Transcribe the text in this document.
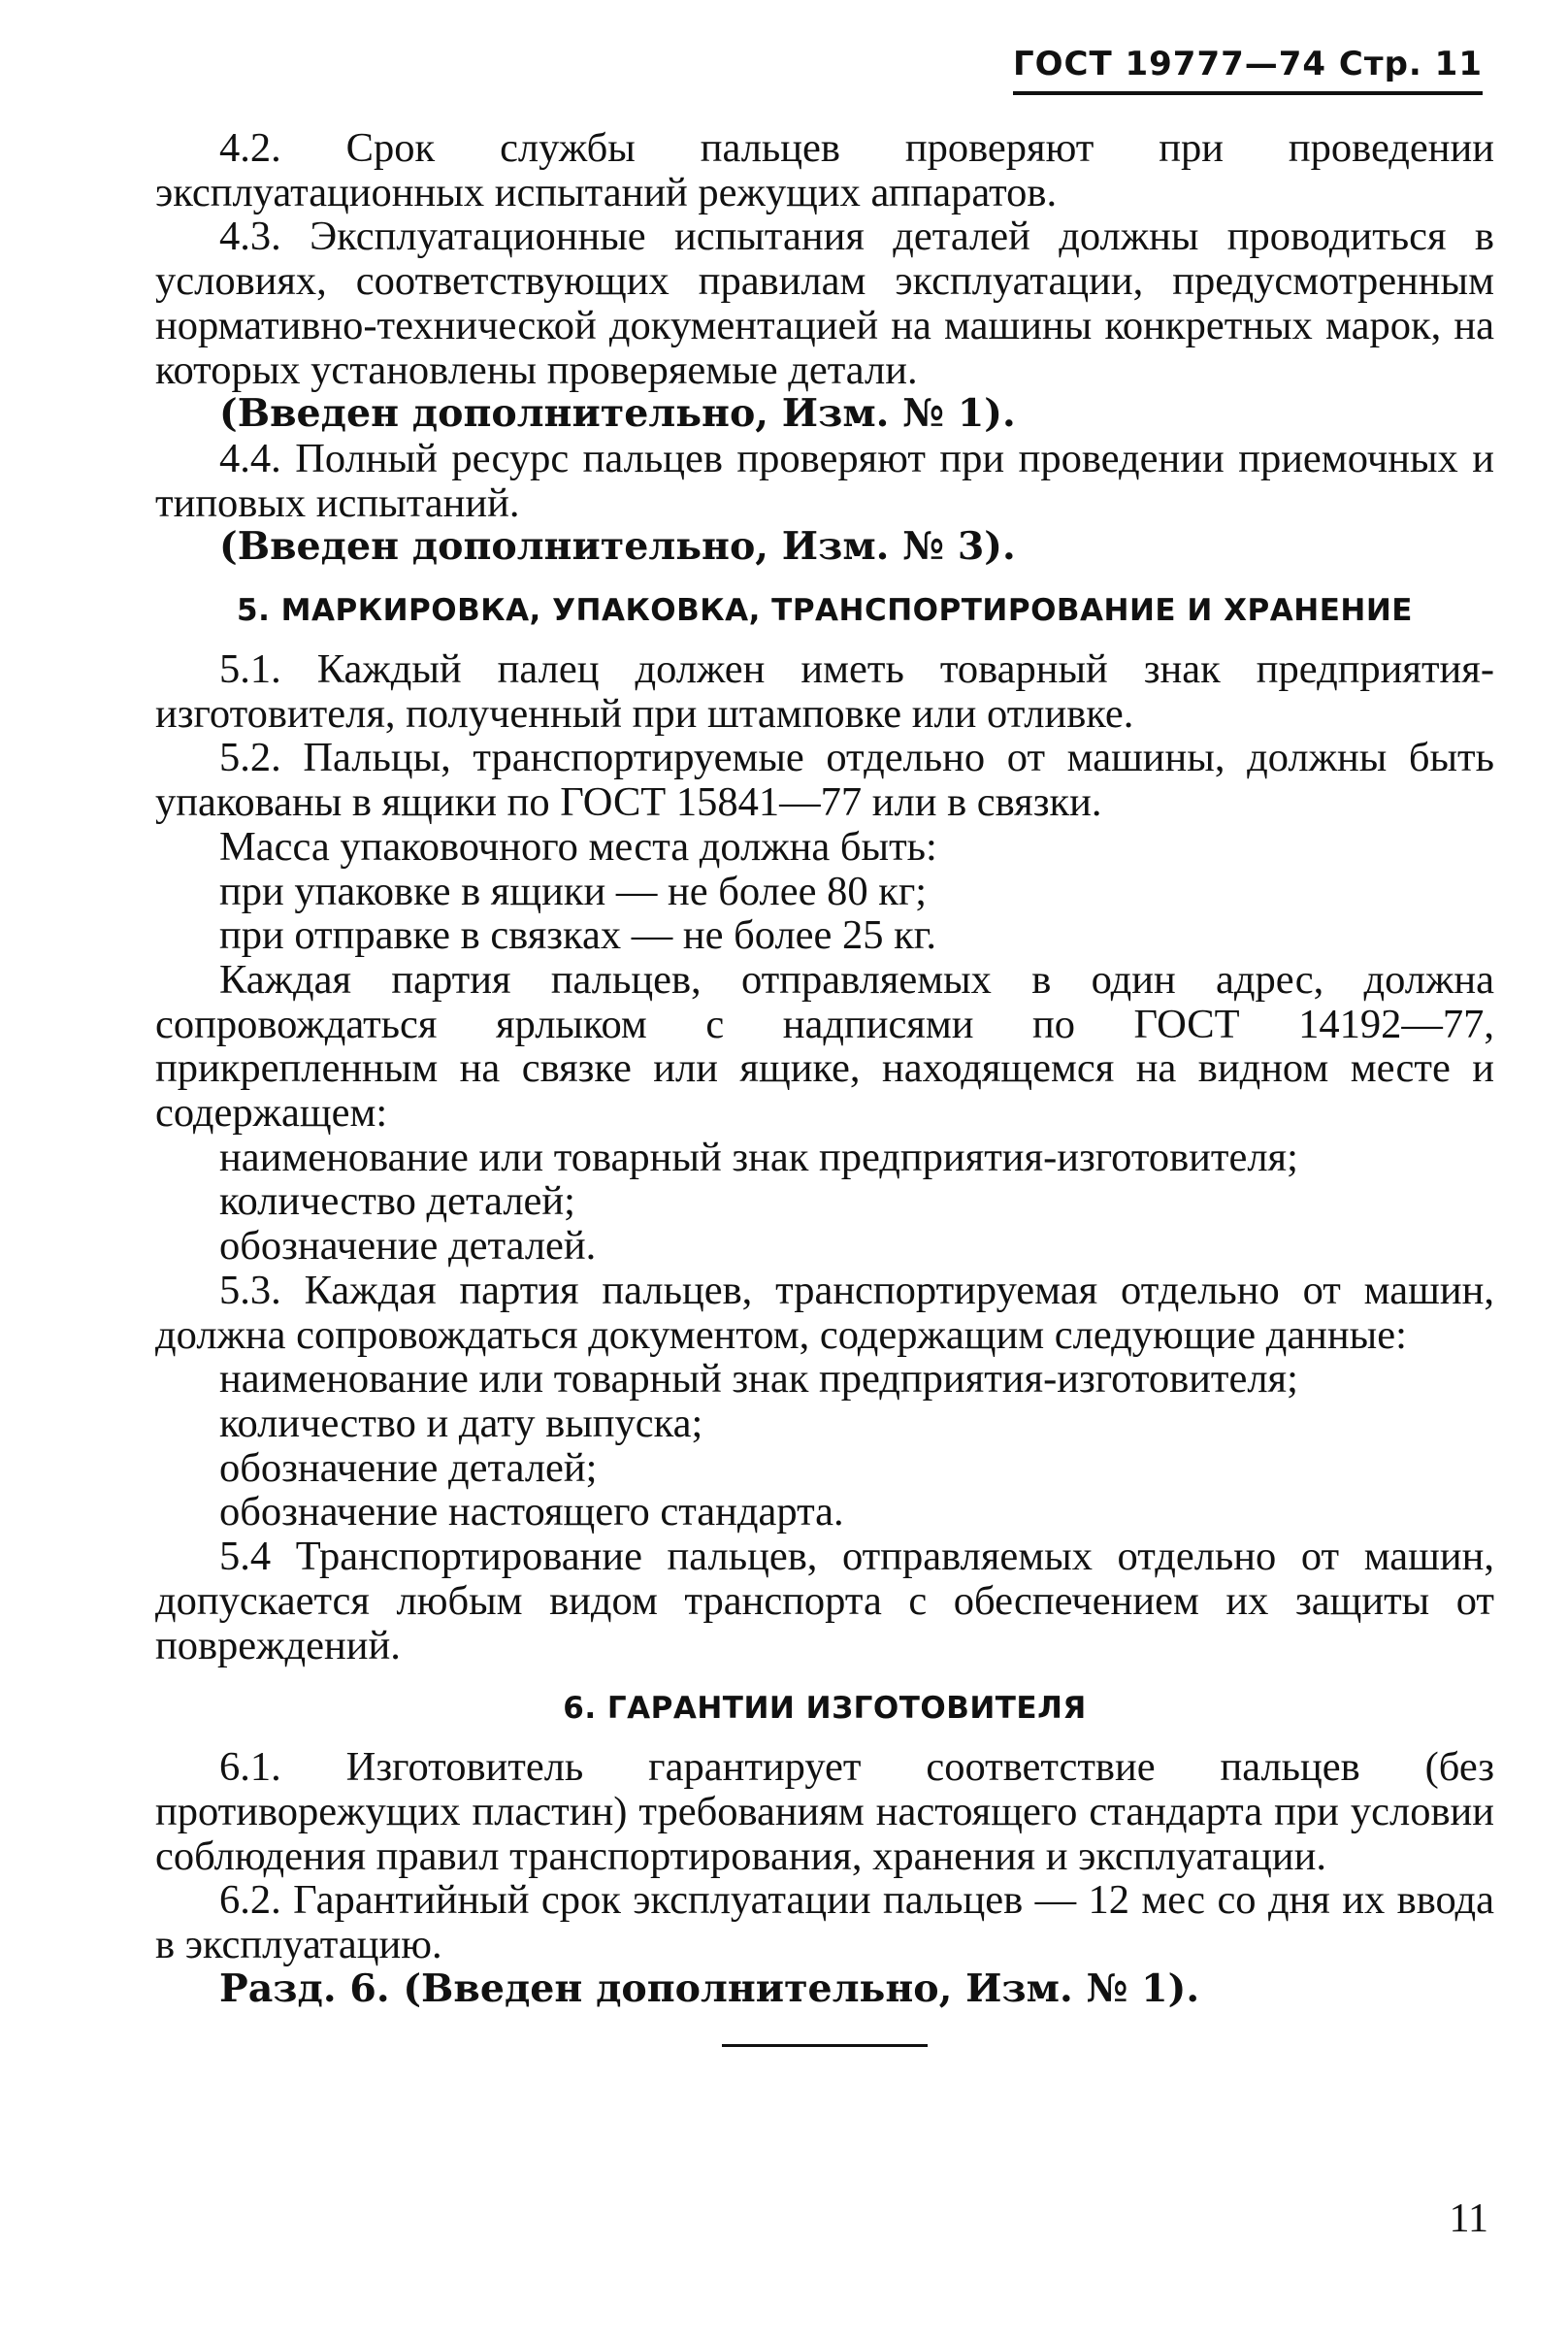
ГОСТ 19777—74 Стр. 11

4.2. Срок службы пальцев проверяют при проведении эксплуатационных испытаний режущих аппаратов.

4.3. Эксплуатационные испытания деталей должны проводиться в условиях, соответствующих правилам эксплуатации, предусмотренным нормативно-технической документацией на машины конкретных марок, на которых установлены проверяемые детали.

(Введен дополнительно, Изм. № 1).

4.4. Полный ресурс пальцев проверяют при проведении приемочных и типовых испытаний.

(Введен дополнительно, Изм. № 3).

5. МАРКИРОВКА, УПАКОВКА, ТРАНСПОРТИРОВАНИЕ И ХРАНЕНИЕ

5.1. Каждый палец должен иметь товарный знак предприятия-изготовителя, полученный при штамповке или отливке.

5.2. Пальцы, транспортируемые отдельно от машины, должны быть упакованы в ящики по ГОСТ 15841—77 или в связки.

Масса упаковочного места должна быть:

при упаковке в ящики — не более 80 кг;

при отправке в связках — не более 25 кг.

Каждая партия пальцев, отправляемых в один адрес, должна сопровождаться ярлыком с надписями по ГОСТ 14192—77, прикрепленным на связке или ящике, находящемся на видном месте и содержащем:

наименование или товарный знак предприятия-изготовителя;

количество деталей;

обозначение деталей.

5.3. Каждая партия пальцев, транспортируемая отдельно от машин, должна сопровождаться документом, содержащим следующие данные:

наименование или товарный знак предприятия-изготовителя;

количество и дату выпуска;

обозначение деталей;

обозначение настоящего стандарта.

5.4 Транспортирование пальцев, отправляемых отдельно от машин, допускается любым видом транспорта с обеспечением их защиты от повреждений.

6. ГАРАНТИИ ИЗГОТОВИТЕЛЯ

6.1. Изготовитель гарантирует соответствие пальцев (без противорежущих пластин) требованиям настоящего стандарта при условии соблюдения правил транспортирования, хранения и эксплуатации.

6.2. Гарантийный срок эксплуатации пальцев — 12 мес со дня их ввода в эксплуатацию.

Разд. 6. (Введен дополнительно, Изм. № 1).

11
